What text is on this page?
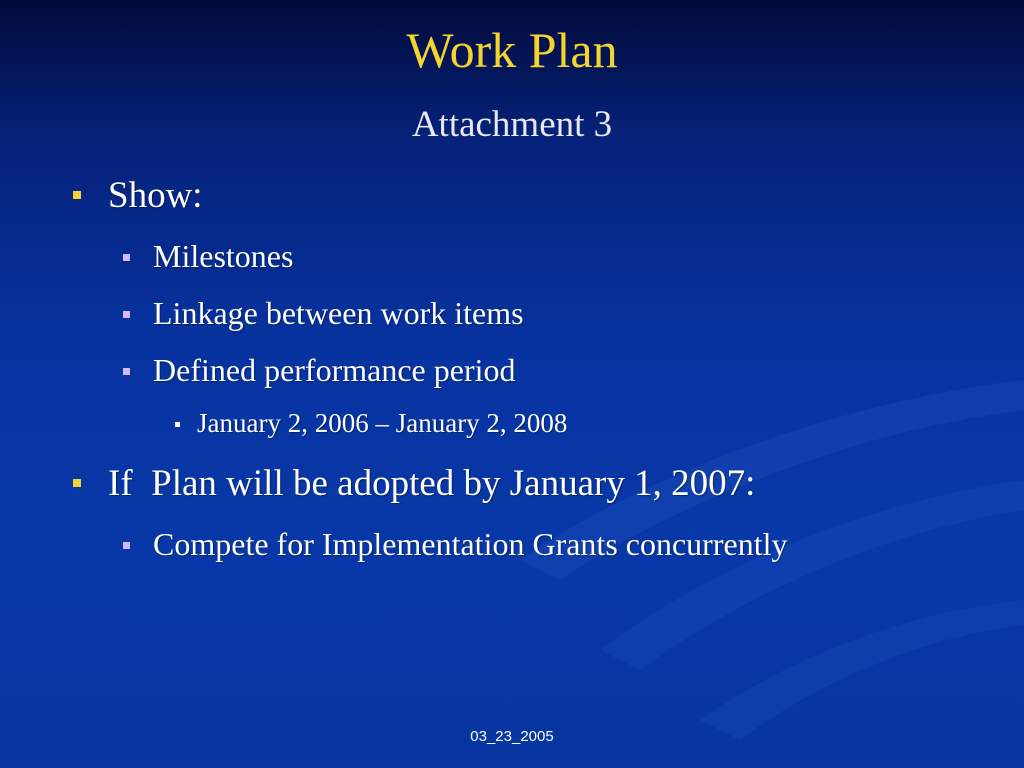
Work Plan
Attachment 3
Show:
Milestones
Linkage between work items
Defined performance period
January 2, 2006 – January 2, 2008
If  Plan will be adopted by January 1, 2007:
Compete for Implementation Grants concurrently
03_23_2005
